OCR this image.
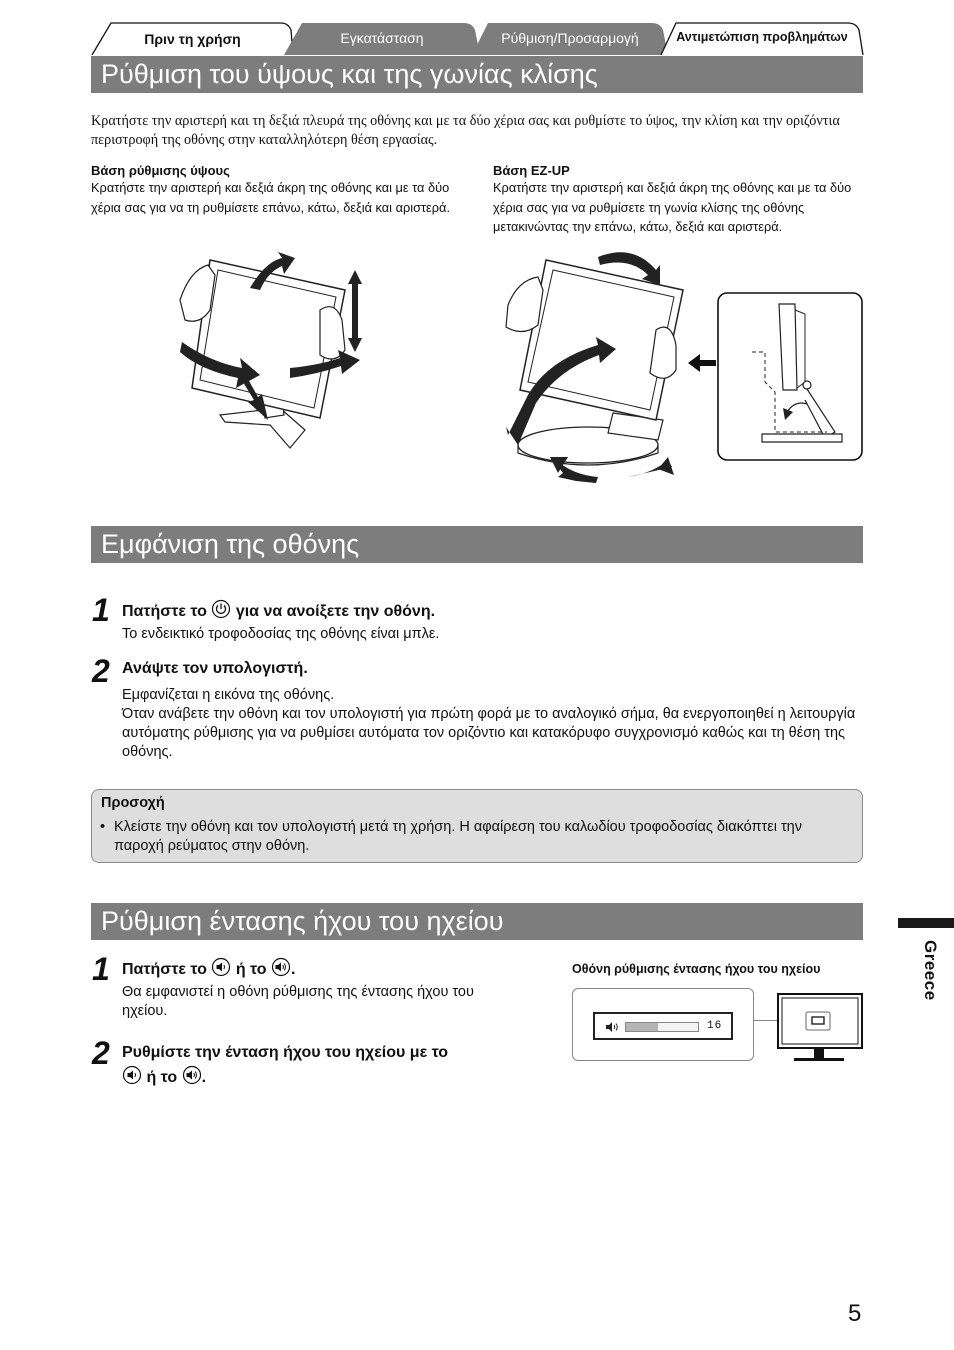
Πριν τη χρήση	Εγκατάσταση	Ρύθμιση/Προσαρμογή	Αντιμετώπιση προβλημάτων
Ρύθμιση του ύψους και της γωνίας κλίσης
Κρατήστε την αριστερή και τη δεξιά πλευρά της οθόνης και με τα δύο χέρια σας και ρυθμίστε το ύψος, την κλίση και την οριζόντια περιστροφή της οθόνης στην καταλληλότερη θέση εργασίας.
Βάση ρύθμισης ύψους
Κρατήστε την αριστερή και δεξιά άκρη της οθόνης και με τα δύο χέρια σας για να τη ρυθμίσετε επάνω, κάτω, δεξιά και αριστερά.
Βάση EZ-UP
Κρατήστε την αριστερή και δεξιά άκρη της οθόνης και με τα δύο χέρια σας για να ρυθμίσετε τη γωνία κλίσης της οθόνης μετακινώντας την επάνω, κάτω, δεξιά και αριστερά.
Εμφάνιση της οθόνης
1 Πατήστε το για να ανοίξετε την οθόνη.
Το ενδεικτικό τροφοδοσίας της οθόνης είναι μπλε.
2 Ανάψτε τον υπολογιστή.
Εμφανίζεται η εικόνα της οθόνης.
Όταν ανάβετε την οθόνη και τον υπολογιστή για πρώτη φορά με το αναλογικό σήμα, θα ενεργοποιηθεί η λειτουργία αυτόματης ρύθμισης για να ρυθμίσει αυτόματα τον οριζόντιο και κατακόρυφο συγχρονισμό καθώς και τη θέση της οθόνης.
Προσοχή
• Κλείστε την οθόνη και τον υπολογιστή μετά τη χρήση. Η αφαίρεση του καλωδίου τροφοδοσίας διακόπτει την παροχή ρεύματος στην οθόνη.
Ρύθμιση έντασης ήχου του ηχείου
1 Πατήστε το ή το .
Θα εμφανιστεί η οθόνη ρύθμισης της έντασης ήχου του ηχείου.
2 Ρυθμίστε την ένταση ήχου του ηχείου με το
ή το .
Οθόνη ρύθμισης έντασης ήχου του ηχείου
16
Greece
5
